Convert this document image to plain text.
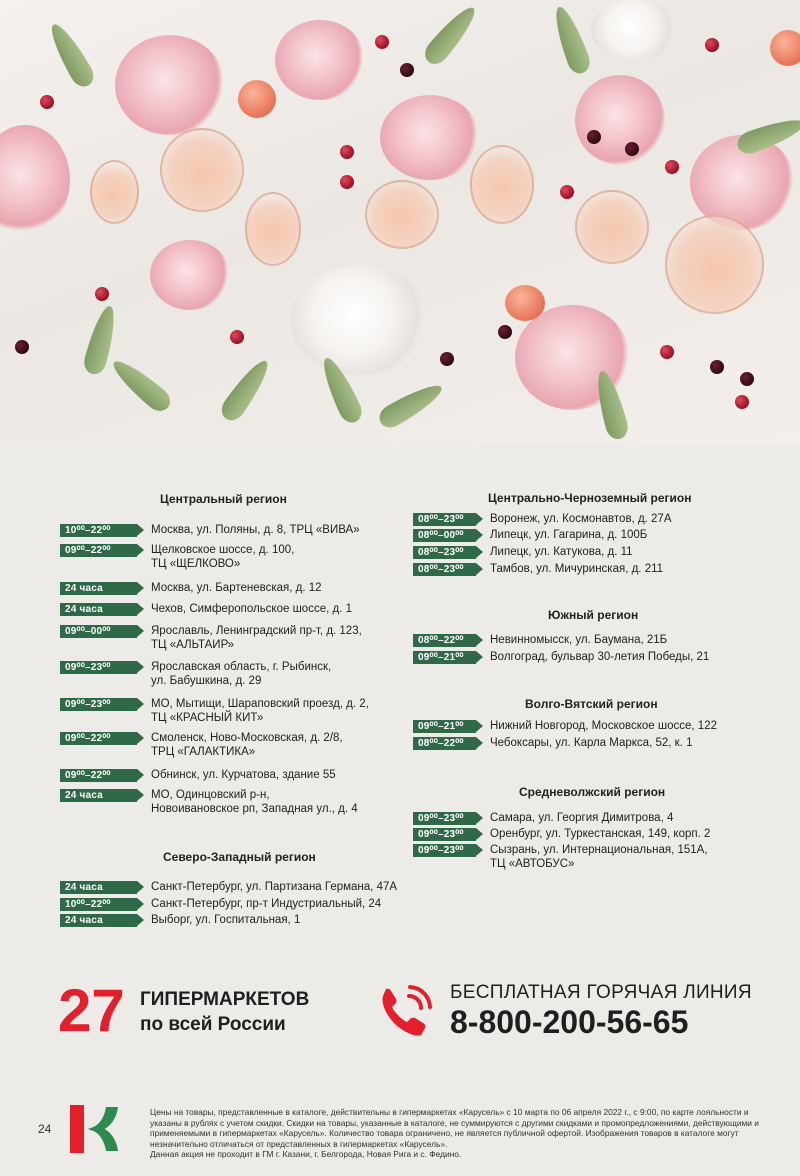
Центральный регион
10⁰⁰–22⁰⁰	Москва, ул. Поляны, д. 8, ТРЦ «ВИВА»
09⁰⁰–22⁰⁰	Щелковское шоссе, д. 100,
ТЦ «ЩЕЛКОВО»
24 часа	Москва, ул. Бартеневская, д. 12
24 часа	Чехов, Симферопольское шоссе, д. 1
09⁰⁰–00⁰⁰	Ярославль, Ленинградский пр-т, д. 123,
ТЦ «АЛЬТАИР»
09⁰⁰–23⁰⁰	Ярославская область, г. Рыбинск,
ул. Бабушкина, д. 29
09⁰⁰–23⁰⁰	МО, Мытищи, Шараповский проезд, д. 2,
ТЦ «КРАСНЫЙ КИТ»
09⁰⁰–22⁰⁰	Смоленск, Ново-Московская, д. 2/8,
ТРЦ «ГАЛАКТИКА»
09⁰⁰–22⁰⁰	Обнинск, ул. Курчатова, здание 55
24 часа	МО, Одинцовский р-н,
Новоивановское рп, Западная ул., д. 4
Северо-Западный регион
24 часа	Санкт-Петербург, ул. Партизана Германа, 47А
10⁰⁰–22⁰⁰	Санкт-Петербург, пр-т Индустриальный, 24
24 часа	Выборг, ул. Госпитальная, 1
Центрально-Черноземный регион
08⁰⁰–23⁰⁰	Воронеж, ул. Космонавтов, д. 27А
08⁰⁰–00⁰⁰	Липецк, ул. Гагарина, д. 100Б
08⁰⁰–23⁰⁰	Липецк, ул. Катукова, д. 11
08⁰⁰–23⁰⁰	Тамбов, ул. Мичуринская, д. 211
Южный регион
08⁰⁰–22⁰⁰	Невинномысск, ул. Баумана, 21Б
09⁰⁰–21⁰⁰	Волгоград, бульвар 30-летия Победы, 21
Волго-Вятский регион
09⁰⁰–21⁰⁰	Нижний Новгород, Московское шоссе, 122
08⁰⁰–22⁰⁰	Чебоксары, ул. Карла Маркса, 52, к. 1
Средневолжский регион
09⁰⁰–23⁰⁰	Самара, ул. Георгия Димитрова, 4
09⁰⁰–23⁰⁰	Оренбург, ул. Туркестанская, 149, корп. 2
09⁰⁰–23⁰⁰	Сызрань, ул. Интернациональная, 151А,
ТЦ «АВТОБУС»
27 ГИПЕРМАРКЕТОВ
по всей России
БЕСПЛАТНАЯ ГОРЯЧАЯ ЛИНИЯ
8-800-200-56-65
24

Цены на товары, представленные в каталоге, действительны в гипермаркетах «Карусель» с 10 марта по 06 апреля 2022 г., с 9:00, по карте лояльности и указаны в рублях с учетом скидки. Скидки на товары, указанные в каталоге, не суммируются с другими скидками и промопредложениями, действующими и применяемыми в гипермаркетах «Карусель». Количество товара ограничено, не является публичной офертой. Изображения товаров в каталоге могут незначительно отличаться от представленных в гипермаркетах «Карусель».

Данная акция не проходит в ГМ г. Казани, г. Белгорода, Новая Рига и с. Федино.
